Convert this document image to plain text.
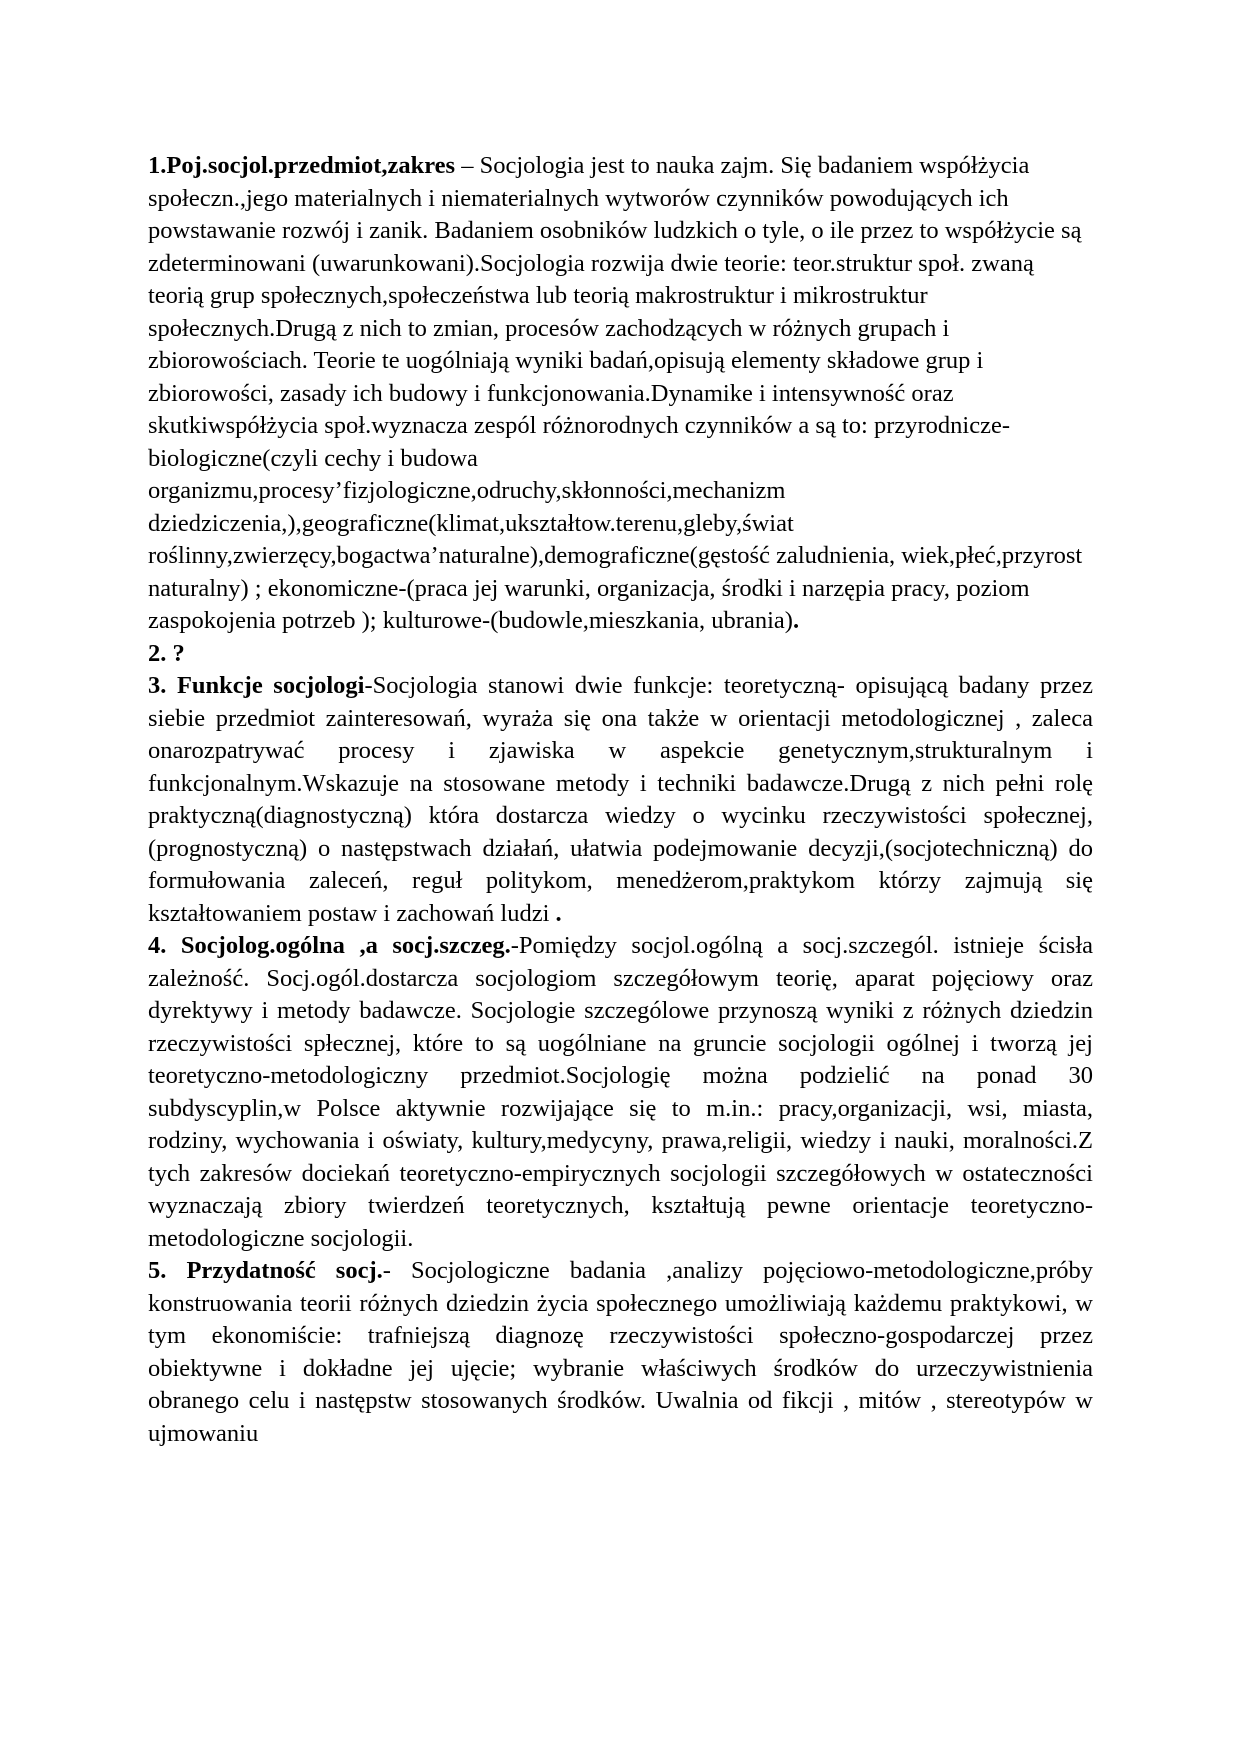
1.Poj.socjol.przedmiot,zakres – Socjologia jest to nauka zajm. Się badaniem współżycia społeczn.,jego materialnych i niematerialnych wytworów czynników powodujących ich powstawanie rozwój i zanik. Badaniem osobników ludzkich o tyle, o ile przez to współżycie są zdeterminowani (uwarunkowani).Socjologia rozwija dwie teorie: teor.struktur społ. zwaną teorią grup społecznych,społeczeństwa lub teorią makrostruktur i mikrostruktur społecznych.Drugą z nich to zmian, procesów zachodzących w różnych grupach i zbiorowościach. Teorie te uogólniają wyniki badań,opisują elementy składowe grup i zbiorowości, zasady ich budowy i funkcjonowania.Dynamike i intensywność oraz skutkiwspółżycia społ.wyznacza zespól różnorodnych czynników a są to: przyrodnicze-biologiczne(czyli cechy i budowa organizmu,procesy’fizjologiczne,odruchy,skłonności,mechanizm dziedziczenia,),geograficzne(klimat,ukształtow.terenu,gleby,świat roślinny,zwierzęcy,bogactwa’naturalne),demograficzne(gęstość zaludnienia, wiek,płeć,przyrost naturalny) ; ekonomiczne-(praca jej warunki, organizacja, środki i narzępia pracy, poziom zaspokojenia potrzeb ); kulturowe-(budowle,mieszkania, ubrania).

2. ?

3. Funkcje socjologi-Socjologia stanowi dwie funkcje: teoretyczną- opisującą badany przez siebie przedmiot zainteresowań, wyraża się ona także w orientacji metodologicznej , zaleca onarozpatrywać procesy i zjawiska w aspekcie genetycznym,strukturalnym i funkcjonalnym.Wskazuje na stosowane metody i techniki badawcze.Drugą z nich pełni rolę praktyczną(diagnostyczną) która dostarcza wiedzy o wycinku rzeczywistości społecznej,(prognostyczną) o następstwach działań, ułatwia podejmowanie decyzji,(socjotechniczną) do formułowania zaleceń, reguł politykom, menedżerom,praktykom którzy zajmują się kształtowaniem postaw i zachowań ludzi .

4. Socjolog.ogólna ,a socj.szczeg.-Pomiędzy socjol.ogólną a socj.szczegól. istnieje ścisła zależność. Socj.ogól.dostarcza socjologiom szczegółowym teorię, aparat pojęciowy oraz dyrektywy i metody badawcze. Socjologie szczególowe przynoszą wyniki z różnych dziedzin rzeczywistości spłecznej, które to są uogólniane na gruncie socjologii ogólnej i tworzą jej teoretyczno-metodologiczny przedmiot.Socjologię można podzielić na ponad 30 subdyscyplin,w Polsce aktywnie rozwijające się to m.in.: pracy,organizacji, wsi, miasta, rodziny, wychowania i oświaty, kultury,medycyny, prawa,religii, wiedzy i nauki, moralności.Z tych zakresów dociekań teoretyczno-empirycznych socjologii szczegółowych w ostateczności wyznaczają zbiory twierdzeń teoretycznych, kształtują pewne orientacje teoretyczno-metodologiczne socjologii.

5. Przydatność socj.- Socjologiczne badania ,analizy pojęciowo-metodologiczne,próby konstruowania teorii różnych dziedzin życia społecznego umożliwiają każdemu praktykowi, w tym ekonomiście: trafniejszą diagnozę rzeczywistości społeczno-gospodarczej przez obiektywne i dokładne jej ujęcie; wybranie właściwych środków do urzeczywistnienia obranego celu i następstw stosowanych środków. Uwalnia od fikcji , mitów , stereotypów w ujmowaniu
